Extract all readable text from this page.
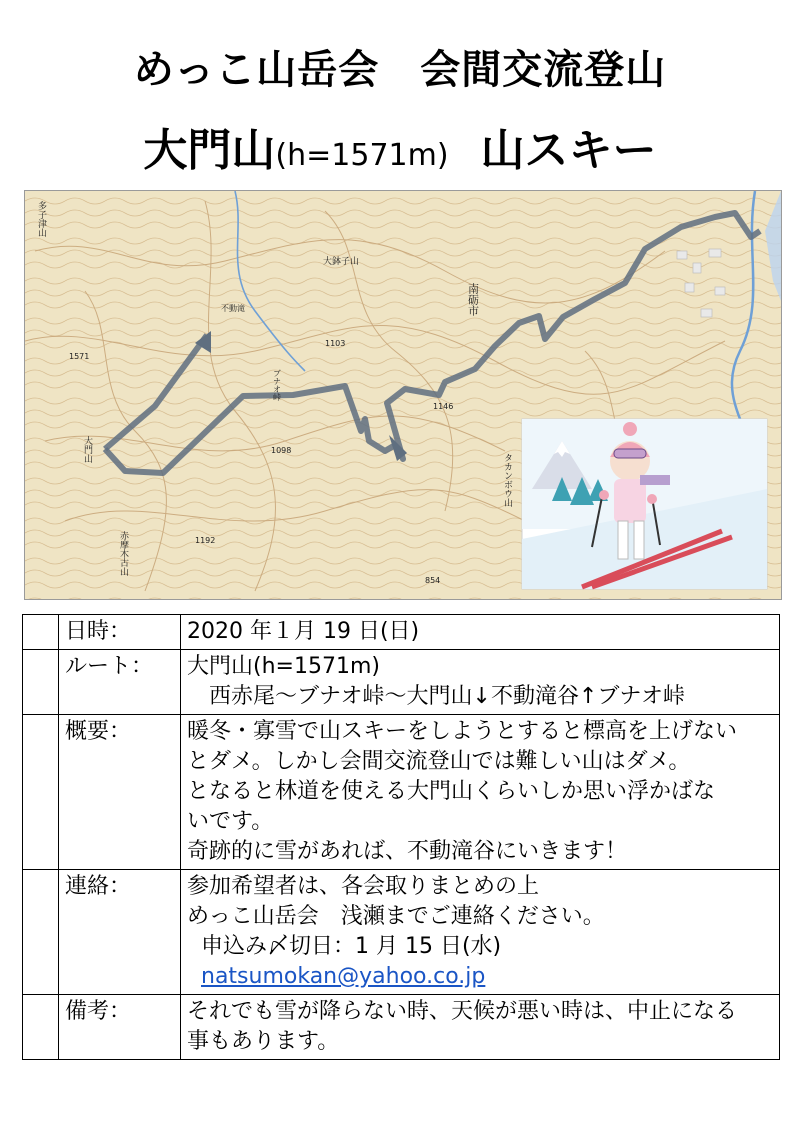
めっこ山岳会　会間交流登山
大門山(h=1571m) 山スキー
多子津山
大鉢子山
南砺市
大門山
赤摩木古山
タカンボウ山
不動滝
ブナオ峠
1571
1103
1146
1192
1098
854
	日時：	2020 年１月 19 日(日)

	ルート：	大門山(h=1571m)
西赤尾～ブナオ峠～大門山↓不動滝谷↑ブナオ峠

	概要：	暖冬・寡雪で山スキーをしようとすると標高を上げない
とダメ。しかし会間交流登山では難しい山はダメ。
となると林道を使える大門山くらいしか思い浮かばな
いです。
奇跡的に雪があれば、不動滝谷にいきます！

	連絡：	参加希望者は、各会取りまとめの上
めっこ山岳会　浅瀬までご連絡ください。
申込み〆切日：1 月 15 日(水)
natsumokan@yahoo.co.jp

	備考：	それでも雪が降らない時、天候が悪い時は、中止になる
事もあります。
